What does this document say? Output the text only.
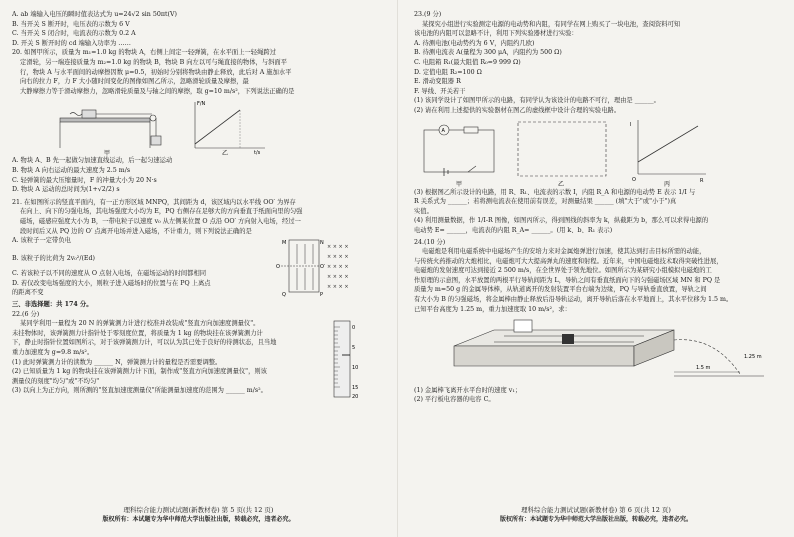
A. ab 端输入电压的瞬时值表达式为 u=24√2 sin 50πt(V)
B. 当开关 S 断开时，电压表的示数为 6 V
C. 当开关 S 闭合时，电流表的示数为 0.2 A
D. 开关 S 断开时的 cd 端输入功率为 ……
20. 如图甲所示，质量为 m₁=1.0 kg 的物块 A，右侧上间定一轻弹簧，在水平面上一轻绳跨过
定滑轮，另一端连接质量为 m₂=1.0 kg 的物块 B，物块 B 向左以可与绳直接的物体，与斜面平
行，物块 A 与水平面间的动摩擦因数 μ=0.5，初始时分别将物块由静止释放，此后对 A 施加水平
向右的拉力 F，力 F 大小随时间变化的图像如图乙所示，忽略滑轮质量及摩擦，最
大静摩擦力等于滑动摩擦力，忽略滑轮质量及与轴之间的摩擦，取 g=10 m/s²，下列说法正确的是
甲
F/N
t/s
乙
A. 物块 A、B 先一起做匀加速直线运动，后一起匀速运动
B. 物块 A 向右运动的最大速度为 2.5 m/s
C. 轻弹簧的最大压缩量时，F 的冲量大小为 20 N·s
D. 物块 A 运动的总时间为(1+√2/2) s
21. 在如图所示的竖直平面内，有一正方形区域 MNPQ，其间距为 d，该区域内以水平线 OO′ 为界存
在向上、向下的匀强电场，其电场强度大小均为 E，PQ 右侧存在足够大的方向垂直于纸面向里的匀强
磁场，磁感应强度大小为 B，一带电粒子以速度 v₀ 从左侧某位置 O 点沿 OO′ 方向射入电场，经过一
段时间后又从 PQ 边的 O′ 点离开电场并进入磁场，不计重力，则下列说法正确的是
A. 该粒子一定带负电
B. 该粒子的比荷为 2v₀²/(Ed)
C. 若该粒子以不同的速度从 O 点射入电场，在磁场运动的时间都相同
D. 若仅改变电场强度的大小，则粒子进入磁场时的位置与在 PQ 上离点
的距离不变
× × × ×
× × × ×
× × × ×
× × × ×
× × × ×
M	N
O	O′
Q	P
三、非选择题：共 174 分。
22.(6 分)
某同学利用一量程为 20 N 的弹簧测力计进行校准并改装成"竖直方向加速度测量仪"。
未挂物体时，该弹簧测力计指针处于零刻度位置，将质量为 1 kg 的物块挂在该弹簧测力计
下，静止时指针位置如图所示，对于该弹簧测力计，可以认为其已处于良好的待测状态，且当地
重力加速度为 g=9.8 m/s²。
(1) 此时弹簧测力计的读数为 ______ N，弹簧测力计的量程是否需要调整。
(2) 已知质量为 1 kg 的物块挂在该弹簧测力计下面，制作成"竖直方向加速度测量仪"，则该
测量仪的刻度"均匀"或"不均匀"
(3) 以向上为正方向，则所测的"竖直加速度测量仪"所能测量加速度的范围为 ______ m/s²。
0
5
10
15
20
理科综合能力测试试题(新教材卷) 第 5 页(共 12 页)
版权所有：本试题专为华中师范大学出版社出版，转载必究，违者必究。
23.(9 分)
某探究小组进行实验测定电源的电动势和内阻，有同学在网上购买了一块电池，查阅资料可知
该电池的内阻可以忽略不计，利用下列实验器材进行实验：
A. 待测电池(电动势约为 6 V，内阻约几欧)
B. 待测电流表 A(量程为 300 μA，内阻约为 500 Ω)
C. 电阻箱 R₁(最大阻值 R₀=9 999 Ω)
D. 定值电阻 R₂=100 Ω
E. 滑动变阻器 R
F. 导线、开关若干
(1) 该同学设计了如图甲所示的电路，有同学认为该设计的电路不可行，理由是 ______。
(2) 请在利用上述提供的实验器材在图乙的虚线框中设计合理的实验电路。
A
甲	乙
I
R
O
丙
(3) 根据图乙所示设计的电路，用 R、R₁、电流表的示数 I，内阻 R_A 和电源的电动势 E 表示 1/I 与
R 关系式为 ______；若将测电流表在使用前有误差，对测量结果 ______ (填"大于"或"小于")真
实值。
(4) 利用测量数据，作 1/I-R 图像，如图丙所示，得到图线的斜率为 k，纵截距为 b，那么可以求得电源的
电动势 E= ______，电流表的内阻 R_A= ______。(用 k、b、R₁ 表示)
24.(10 分)
电磁炮是利用电磁系统中电磁场产生的安培力来对金属炮弹进行加速，使其达到打击目标所需的动能，
与传统火药推动的大炮相比，电磁炮可大大提高弹丸的速度和射程。近年来，中国电磁炮技术取得突破性进展，
电磁炮的发射速度可达到接近 2 500 m/s，在全世界处于领先地位。如图所示为某研究小组模拟电磁炮的工
作原理的示意图，水平放置的两根平行导轨间距为 L，导轨之间有垂直纸面向下的匀强磁场区域 MN 和 PQ 是
质量为 m=50 g 的金属导体棒，从轨道离开的发射装置平台右端为边缘，PQ 与导轨垂直放置，导轨之间
有大小为 B 的匀强磁场，将金属棒由静止释放后沿导轨运动，离开导轨后落在水平地面上，其水平位移为 1.5 m。
已知平台高度为 1.25 m，重力加速度取 10 m/s²，求：
1.5 m
1.25 m
(1) 金属棒飞离开水平台时的速度 v₁；
(2) 平行板电容器的电容 C。
理科综合能力测试试题(新教材卷) 第 6 页(共 12 页)
版权所有：本试题专为华中师范大学出版社出版，转载必究，违者必究。
